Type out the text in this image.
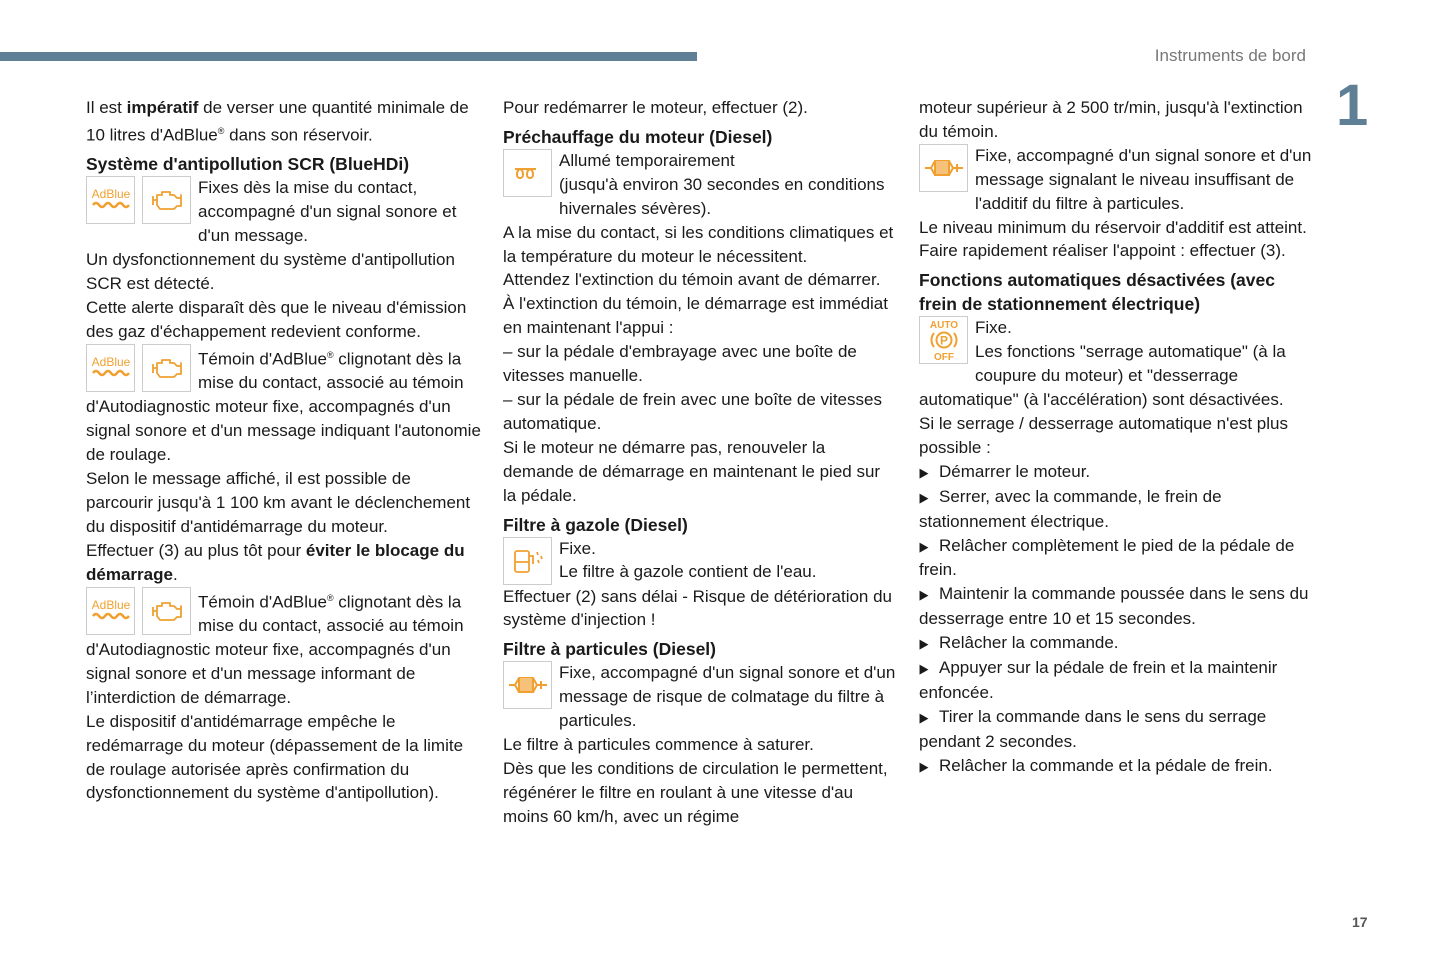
Instruments de bord
1
17

Il est impératif de verser une quantité minimale de 10 litres d'AdBlue® dans son réservoir.

Système d'antipollution SCR (BlueHDi)
AdBlue	Fixes dès la mise du contact, accompagné d'un signal sonore et d'un message.

Un dysfonctionnement du système d'antipollution SCR est détecté.

Cette alerte disparaît dès que le niveau d'émission des gaz d'échappement redevient conforme.

AdBlue	Témoin d'AdBlue® clignotant dès la mise du contact, associé au témoin d'Autodiagnostic moteur fixe, accompagnés d'un signal sonore et d'un message indiquant l'autonomie de roulage.

Selon le message affiché, il est possible de parcourir jusqu'à 1 100 km avant le déclenchement du dispositif d'antidémarrage du moteur.

Effectuer (3) au plus tôt pour éviter le blocage du démarrage.

AdBlue	Témoin d'AdBlue® clignotant dès la mise du contact, associé au témoin d'Autodiagnostic moteur fixe, accompagnés d'un signal sonore et d'un message informant de l’interdiction de démarrage.

Le dispositif d'antidémarrage empêche le redémarrage du moteur (dépassement de la limite de roulage autorisée après confirmation du dysfonctionnement du système d'antipollution).

Pour redémarrer le moteur, effectuer (2).

Préchauffage du moteur (Diesel)

Allumé temporairement
(jusqu'à environ 30 secondes en conditions hivernales sévères).

A la mise du contact, si les conditions climatiques et la température du moteur le nécessitent.

Attendez l'extinction du témoin avant de démarrer.

À l'extinction du témoin, le démarrage est immédiat en maintenant l'appui :

– sur la pédale d'embrayage avec une boîte de vitesses manuelle.

– sur la pédale de frein avec une boîte de vitesses automatique.

Si le moteur ne démarre pas, renouveler la demande de démarrage en maintenant le pied sur la pédale.

Filtre à gazole (Diesel)

Fixe.
Le filtre à gazole contient de l'eau.

Effectuer (2) sans délai - Risque de détérioration du système d'injection !

Filtre à particules (Diesel)

Fixe, accompagné d'un signal sonore et d'un message de risque de colmatage du filtre à particules.

Le filtre à particules commence à saturer.

Dès que les conditions de circulation le permettent, régénérer le filtre en roulant à une vitesse d'au moins 60 km/h, avec un régime

moteur supérieur à 2 500 tr/min, jusqu'à l'extinction du témoin.

Fixe, accompagné d'un signal sonore et d'un message signalant le niveau insuffisant de l'additif du filtre à particules.

Le niveau minimum du réservoir d'additif est atteint.

Faire rapidement réaliser l'appoint : effectuer (3).

Fonctions automatiques désactivées (avec frein de stationnement électrique)
AUTO
P
OFF

Fixe.
Les fonctions "serrage automatique" (à la coupure du moteur) et "desserrage automatique" (à l'accélération) sont désactivées.

Si le serrage / desserrage automatique n'est plus possible :

▶ Démarrer le moteur.

▶ Serrer, avec la commande, le frein de stationnement électrique.

▶ Relâcher complètement le pied de la pédale de frein.

▶ Maintenir la commande poussée dans le sens du desserrage entre 10 et 15 secondes.

▶ Relâcher la commande.

▶ Appuyer sur la pédale de frein et la maintenir enfoncée.

▶ Tirer la commande dans le sens du serrage pendant 2 secondes.

▶ Relâcher la commande et la pédale de frein.
